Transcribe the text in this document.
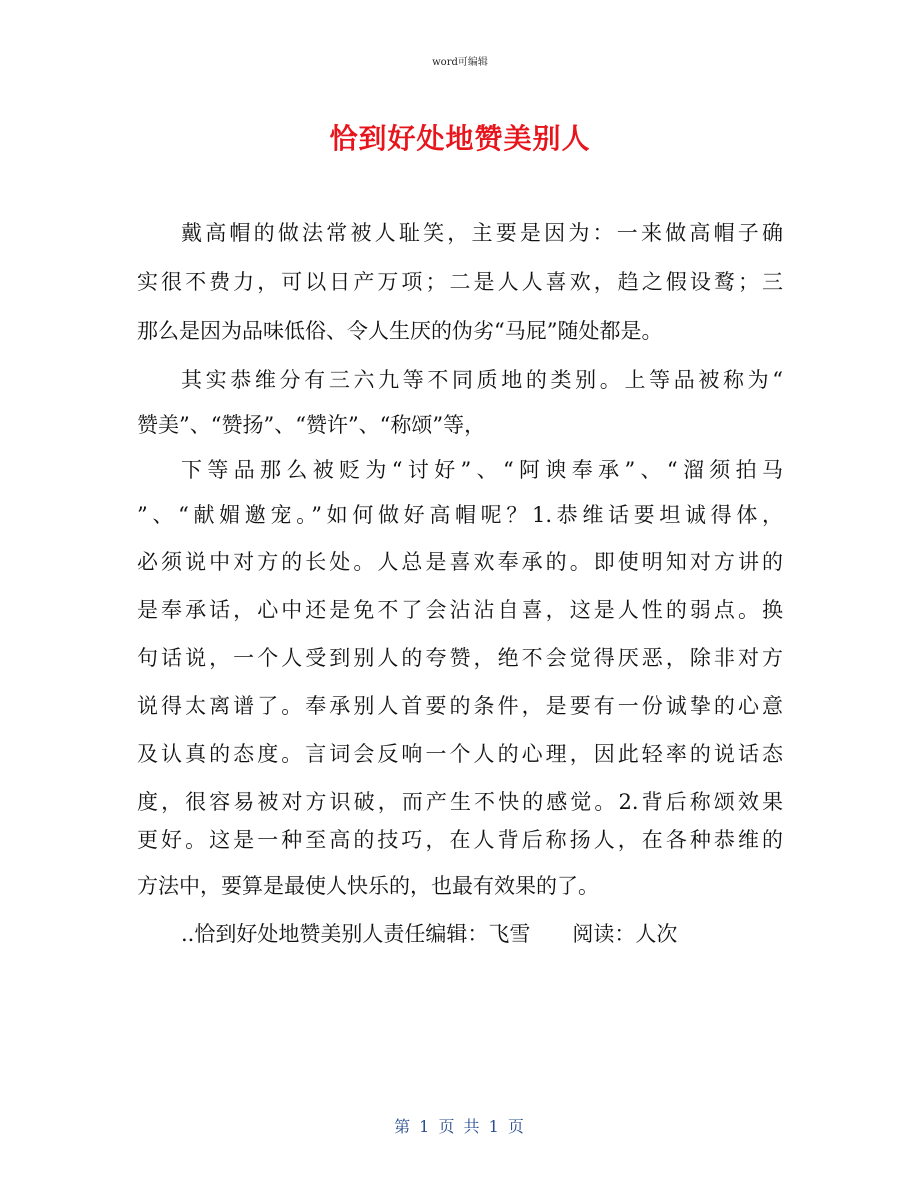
word可编辑
恰到好处地赞美别人
戴高帽的做法常被人耻笑，主要是因为：一来做高帽子确
实很不费力，可以日产万项；二是人人喜欢，趋之假设鹜；三
那么是因为品味低俗、令人生厌的伪劣“马屁”随处都是。
其实恭维分有三六九等不同质地的类别。上等品被称为“
赞美”、“赞扬”、“赞许”、“称颂”等，
下等品那么被贬为“讨好”、“阿谀奉承”、“溜须拍马
”、“献媚邀宠。”如何做好高帽呢？1.恭维话要坦诚得体，
必须说中对方的长处。人总是喜欢奉承的。即使明知对方讲的
是奉承话，心中还是免不了会沾沾自喜，这是人性的弱点。换
句话说，一个人受到别人的夸赞，绝不会觉得厌恶，除非对方
说得太离谱了。奉承别人首要的条件，是要有一份诚挚的心意
及认真的态度。言词会反响一个人的心理，因此轻率的说话态
度，很容易被对方识破，而产生不快的感觉。2.背后称颂效果
更好。这是一种至高的技巧，在人背后称扬人，在各种恭维的
方法中，要算是最使人快乐的，也最有效果的了。
..恰到好处地赞美别人责任编辑：飞雪　　阅读：人次
第 1 页 共 1 页
